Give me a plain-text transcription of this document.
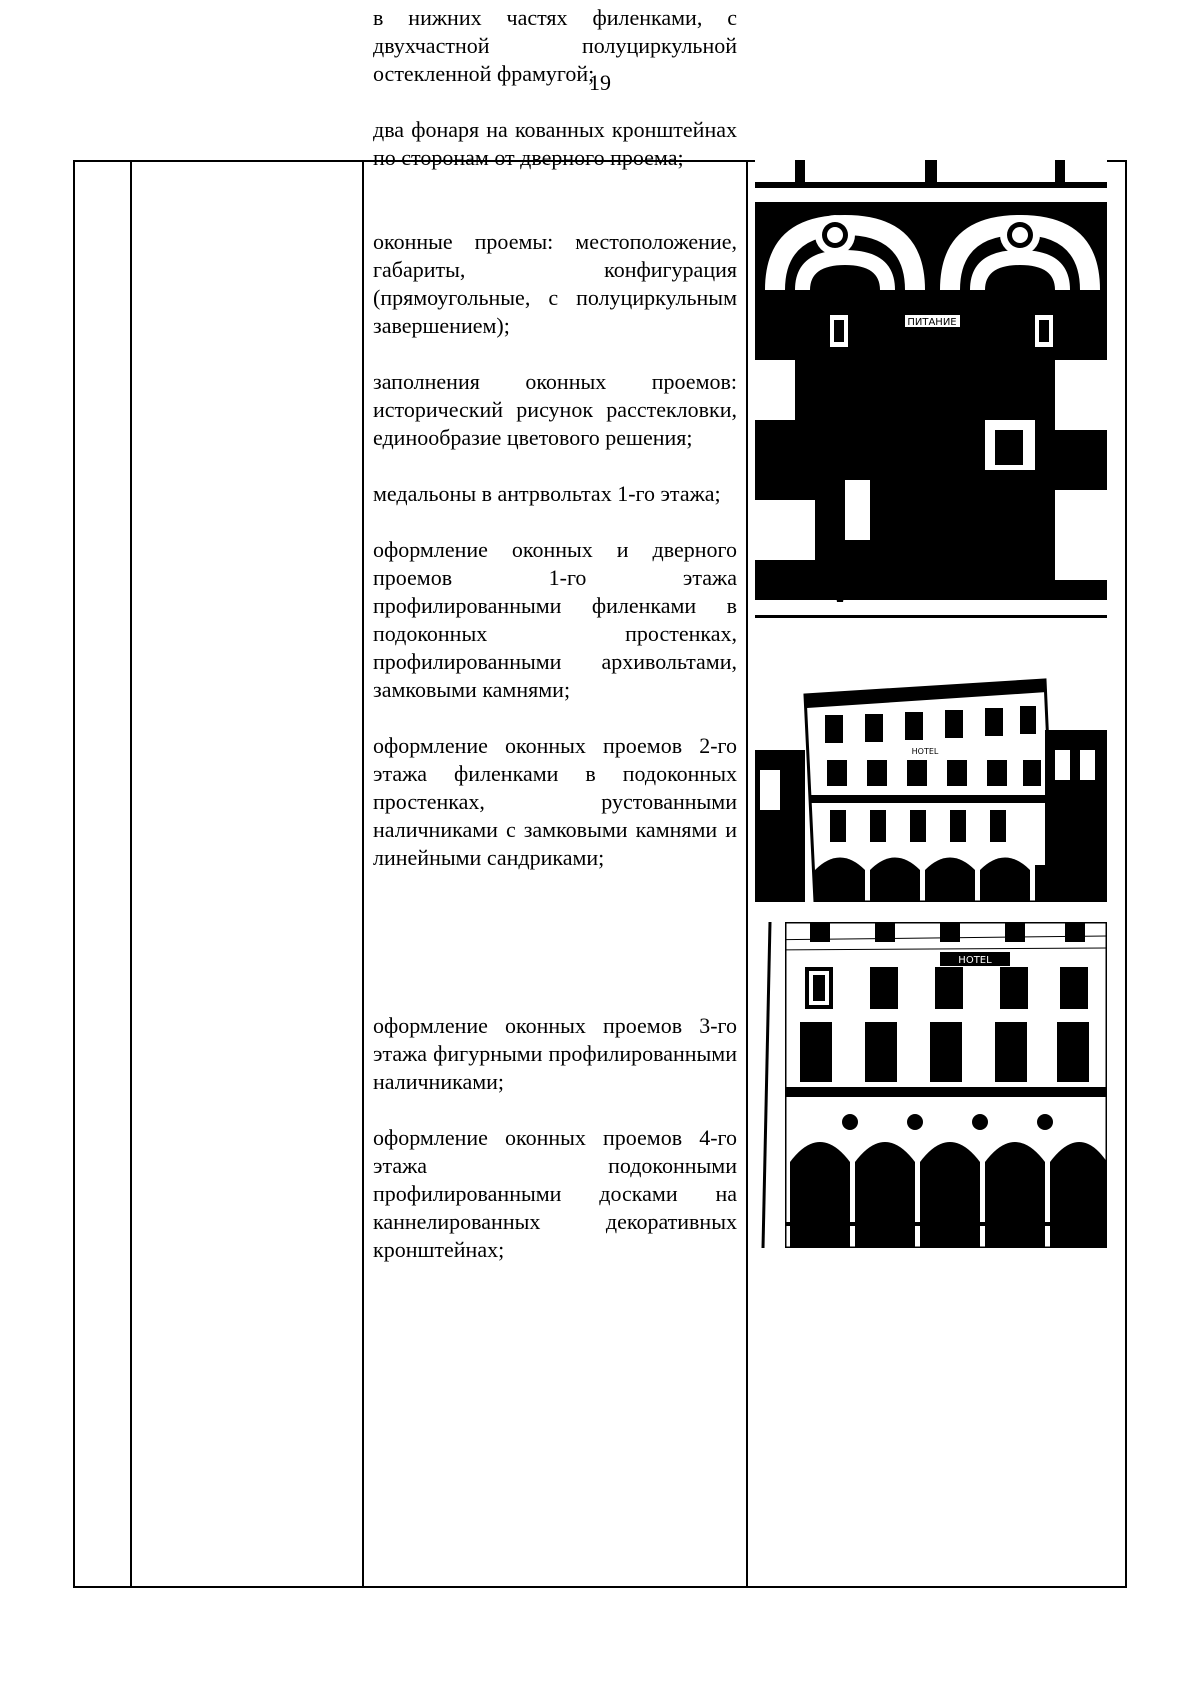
19

в нижних частях филенками, с двухчастной полуциркульной остекленной фрамугой;

два фонаря на кованных кронштейнах по сторонам от дверного проема;

оконные проемы: местоположение, габариты, конфигурация (прямоугольные, с полуциркульным завершением);

заполнения оконных проемов: исторический рисунок расстекловки, единообразие цветового решения;

медальоны в антрвольтах 1-го этажа;

оформление оконных и дверного проемов 1-го этажа профилированными филенками в подоконных простенках, профилированными архивольтами, замковыми камнями;

оформление оконных проемов 2-го этажа филенками в подоконных простенках, рустованными наличниками с замковыми камнями и линейными сандриками;

оформление оконных проемов 3-го этажа фигурными профилированными наличниками;

оформление оконных проемов 4-го этажа подоконными профилированными досками на каннелированных декоративных кронштейнах;

ПИТАНИЕ
HOTEL
HOTEL
